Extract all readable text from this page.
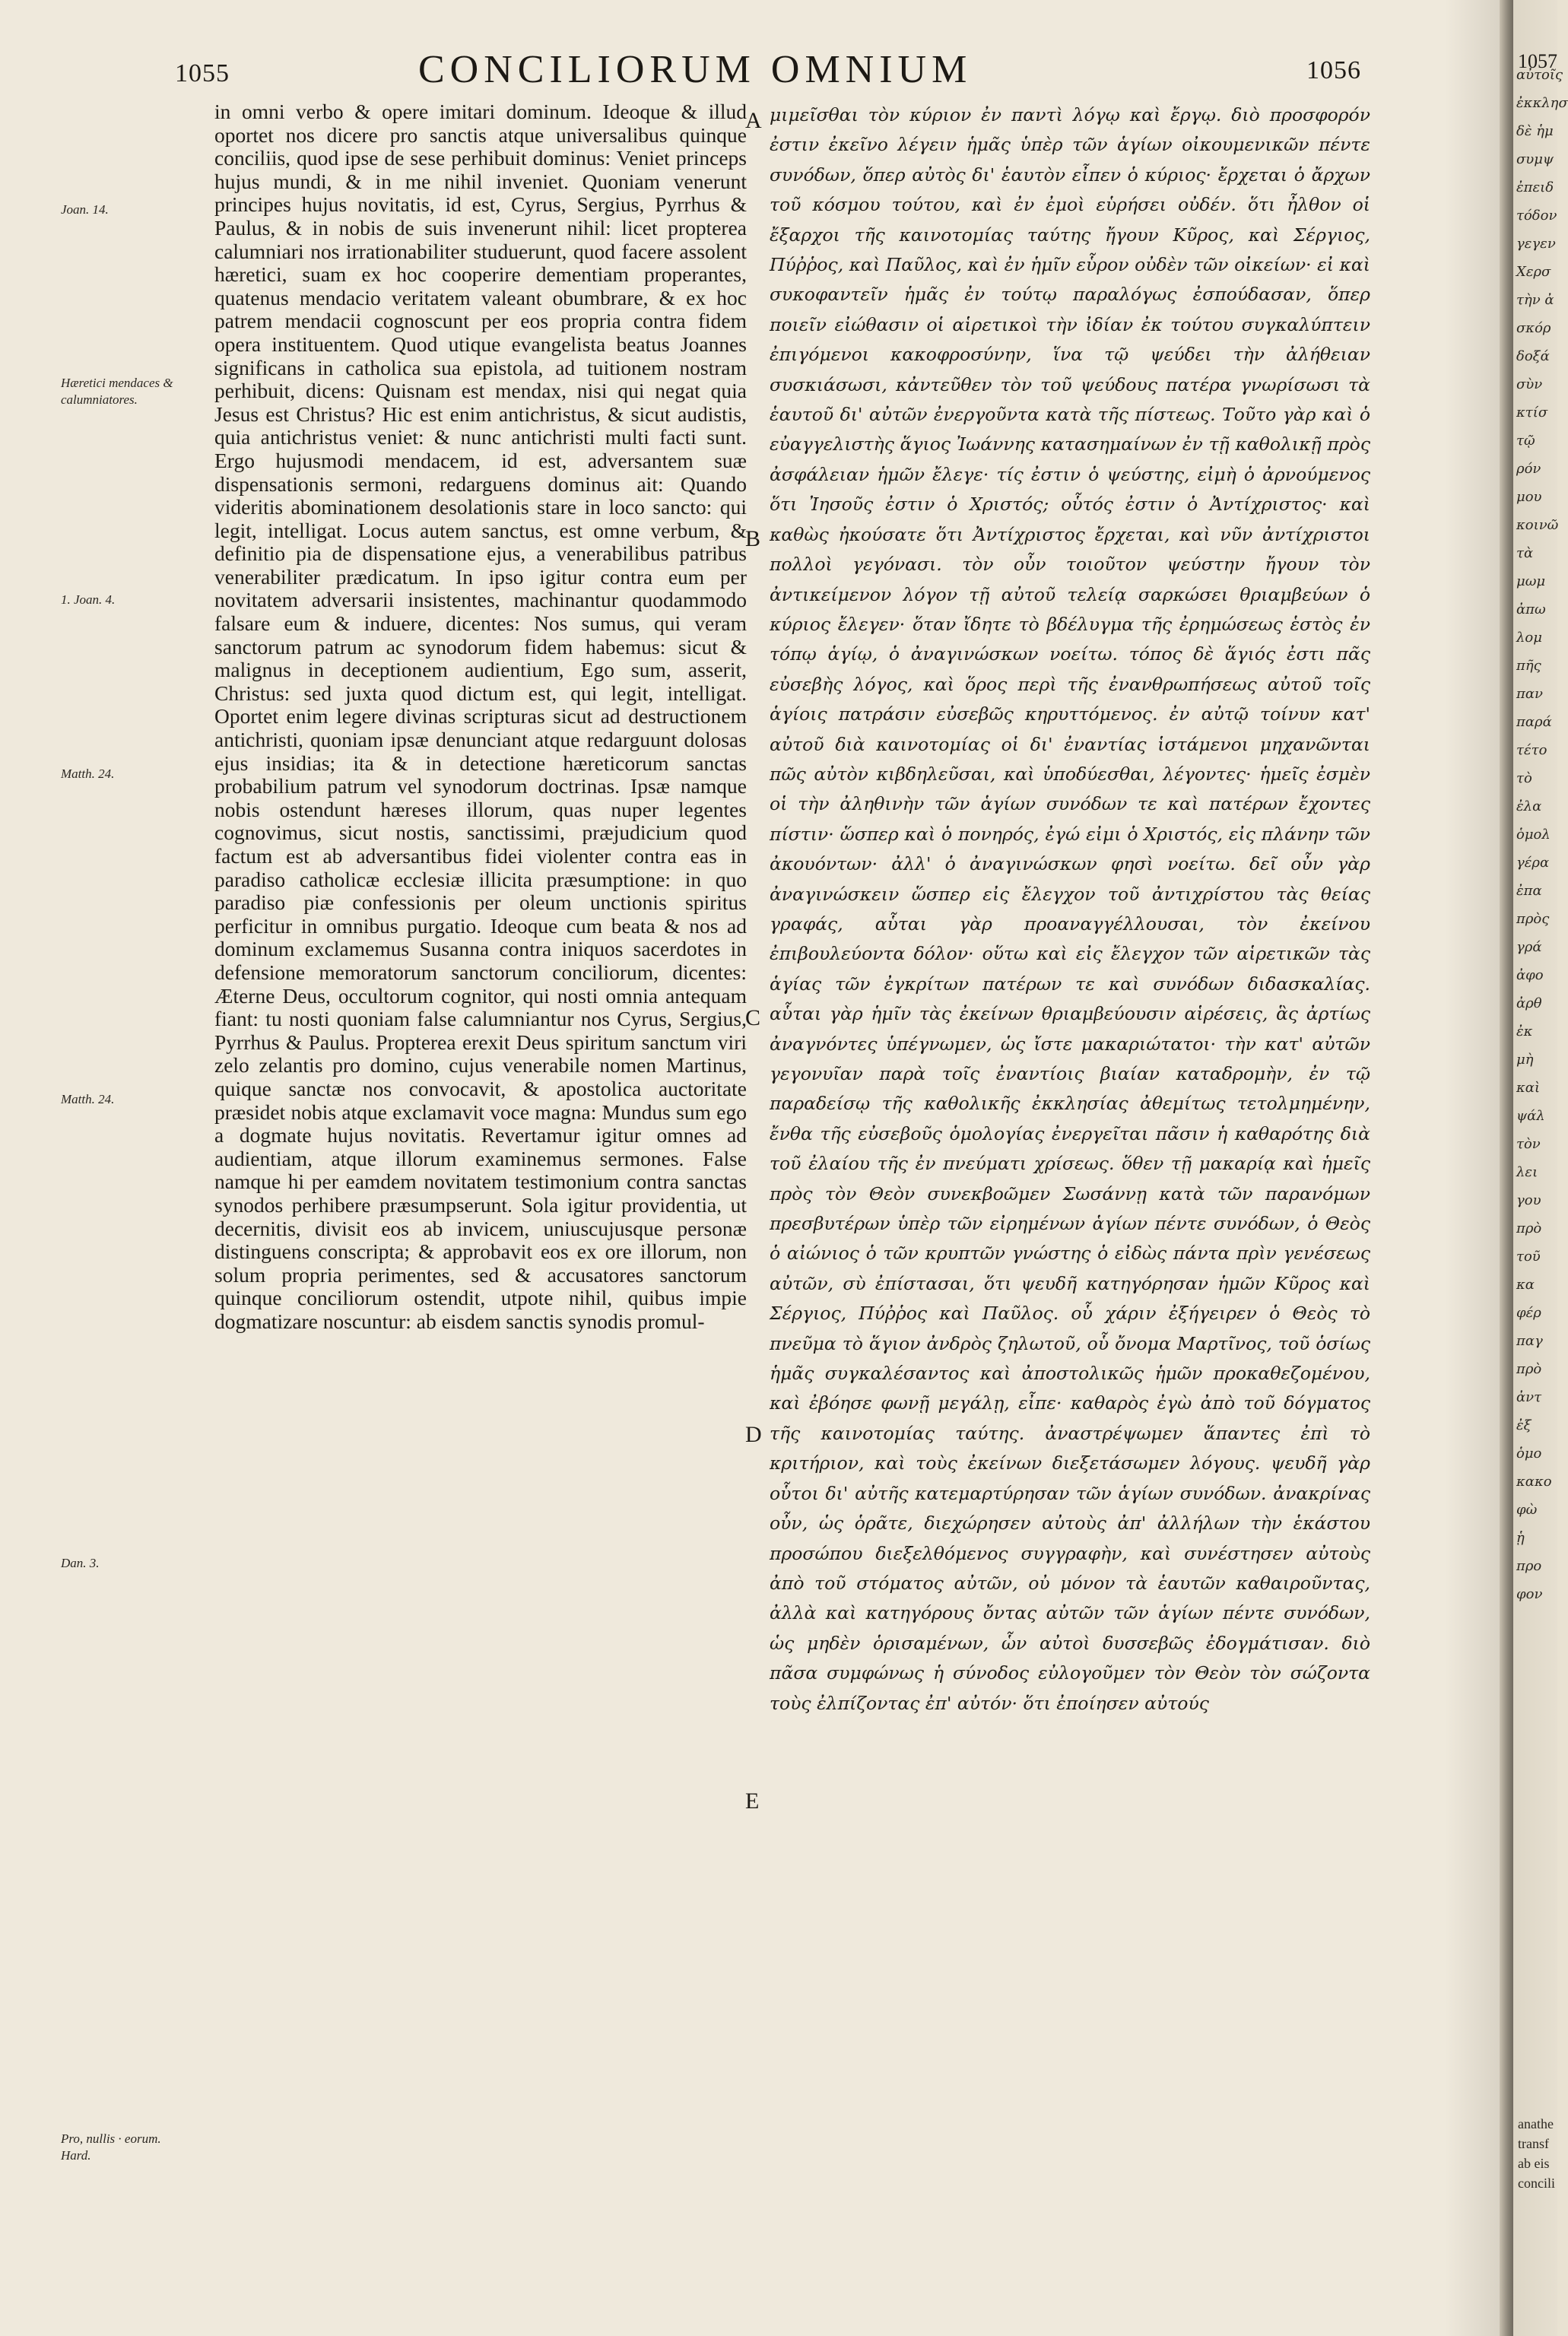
1055	CONCILIORUM OMNIUM	1056
Joan. 14.
Hæretici mendaces & calumniatores.
1. Joan. 4.
Matth. 24.
Matth. 24.
Dan. 3.
Pro, nullis · eorum. Hard.

in omni verbo & opere imitari dominum. Ideoque & illud oportet nos dicere pro sanctis atque universalibus quinque conciliis, quod ipse de sese perhibuit dominus: Veniet princeps hujus mundi, & in me nihil inveniet. Quoniam venerunt principes hujus novitatis, id est, Cyrus, Sergius, Pyrrhus & Paulus, & in nobis de suis invenerunt nihil: licet propterea calumniari nos irrationabiliter studuerunt, quod facere assolent hæretici, suam ex hoc cooperire dementiam properantes, quatenus mendacio veritatem valeant obumbrare, & ex hoc patrem mendacii cognoscunt per eos propria contra fidem opera instituentem. Quod utique evangelista beatus Joannes significans in catholica sua epistola, ad tuitionem nostram perhibuit, dicens: Quisnam est mendax, nisi qui negat quia Jesus est Christus? Hic est enim antichristus, & sicut audistis, quia antichristus veniet: & nunc antichristi multi facti sunt. Ergo hujusmodi mendacem, id est, adversantem suæ dispensationis sermoni, redarguens dominus ait: Quando videritis abominationem desolationis stare in loco sancto: qui legit, intelligat. Locus autem sanctus, est omne verbum, & definitio pia de dispensatione ejus, a venerabilibus patribus venerabiliter prædicatum. In ipso igitur contra eum per novitatem adversarii insistentes, machinantur quodammodo falsare eum & induere, dicentes: Nos sumus, qui veram sanctorum patrum ac synodorum fidem habemus: sicut & malignus in deceptionem audientium, Ego sum, asserit, Christus: sed juxta quod dictum est, qui legit, intelligat. Oportet enim legere divinas scripturas sicut ad destructionem antichristi, quoniam ipsæ denunciant atque redarguunt dolosas ejus insidias; ita & in detectione hæreticorum sanctas probabilium patrum vel synodorum doctrinas. Ipsæ namque nobis ostendunt hæreses illorum, quas nuper legentes cognovimus, sicut nostis, sanctissimi, præjudicium quod factum est ab adversantibus fidei violenter contra eas in paradiso catholicæ ecclesiæ illicita præsumptione: in quo paradiso piæ confessionis per oleum unctionis spiritus perficitur in omnibus purgatio. Ideoque cum beata & nos ad dominum exclamemus Susanna contra iniquos sacerdotes in defensione memoratorum sanctorum conciliorum, dicentes: Æterne Deus, occultorum cognitor, qui nosti omnia antequam fiant: tu nosti quoniam false calumniantur nos Cyrus, Sergius, Pyrrhus & Paulus. Propterea erexit Deus spiritum sanctum viri zelo zelantis pro domino, cujus venerabile nomen Martinus, quique sanctæ nos convocavit, & apostolica auctoritate præsidet nobis atque exclamavit voce magna: Mundus sum ego a dogmate hujus novitatis. Revertamur igitur omnes ad audientiam, atque illorum examinemus sermones. False namque hi per eamdem novitatem testimonium contra sanctas synodos perhibere præsumpserunt. Sola igitur providentia, ut decernitis, divisit eos ab invicem, uniuscujusque personæ distinguens conscripta; & approbavit eos ex ore illorum, non solum propria perimentes, sed & accusatores sanctorum quinque conciliorum ostendit, utpote nihil, quibus impie dogmatizare noscuntur: ab eisdem sanctis synodis promul-

A
B
C
D
E

μιμεῖσθαι τὸν κύριον ἐν παντὶ λόγῳ καὶ ἔργῳ. διὸ προσφορόν ἐστιν ἐκεῖνο λέγειν ἡμᾶς ὑπὲρ τῶν ἁγίων οἰκουμενικῶν πέντε συνόδων, ὅπερ αὐτὸς δι' ἑαυτὸν εἶπεν ὁ κύριος· ἔρχεται ὁ ἄρχων τοῦ κόσμου τούτου, καὶ ἐν ἐμοὶ εὑρήσει οὐδέν. ὅτι ἦλθον οἱ ἔξαρχοι τῆς καινοτομίας ταύτης ἤγουν Κῦρος, καὶ Σέργιος, Πύῤῥος, καὶ Παῦλος, καὶ ἐν ἡμῖν εὗρον οὐδὲν τῶν οἰκείων· εἰ καὶ συκοφαντεῖν ἡμᾶς ἐν τούτῳ παραλόγως ἐσπούδασαν, ὅπερ ποιεῖν εἰώθασιν οἱ αἱρετικοὶ τὴν ἰδίαν ἐκ τούτου συγκαλύπτειν ἐπιγόμενοι κακοφροσύνην, ἵνα τῷ ψεύδει τὴν ἀλήθειαν συσκιάσωσι, κἀντεῦθεν τὸν τοῦ ψεύδους πατέρα γνωρίσωσι τὰ ἑαυτοῦ δι' αὐτῶν ἐνεργοῦντα κατὰ τῆς πίστεως. Τοῦτο γὰρ καὶ ὁ εὐαγγελιστὴς ἅγιος Ἰωάννης κατασημαίνων ἐν τῇ καθολικῇ πρὸς ἀσφάλειαν ἡμῶν ἔλεγε· τίς ἐστιν ὁ ψεύστης, εἰμὴ ὁ ἀρνούμενος ὅτι Ἰησοῦς ἐστιν ὁ Χριστός; οὗτός ἐστιν ὁ Ἀντίχριστος· καὶ καθὼς ἠκούσατε ὅτι Ἀντίχριστος ἔρχεται, καὶ νῦν ἀντίχριστοι πολλοὶ γεγόνασι. τὸν οὖν τοιοῦτον ψεύστην ἤγουν τὸν ἀντικείμενον λόγον τῇ αὐτοῦ τελείᾳ σαρκώσει θριαμβεύων ὁ κύριος ἔλεγεν· ὅταν ἴδητε τὸ βδέλυγμα τῆς ἐρημώσεως ἑστὸς ἐν τόπῳ ἁγίῳ, ὁ ἀναγινώσκων νοείτω. τόπος δὲ ἅγιός ἐστι πᾶς εὐσεβὴς λόγος, καὶ ὅρος περὶ τῆς ἐνανθρωπήσεως αὐτοῦ τοῖς ἁγίοις πατράσιν εὐσεβῶς κηρυττόμενος. ἐν αὐτῷ τοίνυν κατ' αὐτοῦ διὰ καινοτομίας οἱ δι' ἐναντίας ἱστάμενοι μηχανῶνται πῶς αὐτὸν κιβδηλεῦσαι, καὶ ὑποδύεσθαι, λέγοντες· ἡμεῖς ἐσμὲν οἱ τὴν ἀληθινὴν τῶν ἁγίων συνόδων τε καὶ πατέρων ἔχοντες πίστιν· ὥσπερ καὶ ὁ πονηρός, ἐγώ εἰμι ὁ Χριστός, εἰς πλάνην τῶν ἀκουόντων· ἀλλ' ὁ ἀναγινώσκων φησὶ νοείτω. δεῖ οὖν γὰρ ἀναγινώσκειν ὥσπερ εἰς ἔλεγχον τοῦ ἀντιχρίστου τὰς θείας γραφάς, αὗται γὰρ προαναγγέλλουσαι, τὸν ἐκείνου ἐπιβουλεύοντα δόλον· οὕτω καὶ εἰς ἔλεγχον τῶν αἱρετικῶν τὰς ἁγίας τῶν ἐγκρίτων πατέρων τε καὶ συνόδων διδασκαλίας. αὗται γὰρ ἡμῖν τὰς ἐκείνων θριαμβεύουσιν αἱρέσεις, ἃς ἀρτίως ἀναγνόντες ὑπέγνωμεν, ὡς ἴστε μακαριώτατοι· τὴν κατ' αὐτῶν γεγονυῖαν παρὰ τοῖς ἐναντίοις βιαίαν καταδρομὴν, ἐν τῷ παραδείσῳ τῆς καθολικῆς ἐκκλησίας ἀθεμίτως τετολμημένην, ἔνθα τῆς εὐσεβοῦς ὁμολογίας ἐνεργεῖται πᾶσιν ἡ καθαρότης διὰ τοῦ ἐλαίου τῆς ἐν πνεύματι χρίσεως. ὅθεν τῇ μακαρίᾳ καὶ ἡμεῖς πρὸς τὸν Θεὸν συνεκβοῶμεν Σωσάννῃ κατὰ τῶν παρανόμων πρεσβυτέρων ὑπὲρ τῶν εἰρημένων ἁγίων πέντε συνόδων, ὁ Θεὸς ὁ αἰώνιος ὁ τῶν κρυπτῶν γνώστης ὁ εἰδὼς πάντα πρὶν γενέσεως αὐτῶν, σὺ ἐπίστασαι, ὅτι ψευδῆ κατηγόρησαν ἡμῶν Κῦρος καὶ Σέργιος, Πύῤῥος καὶ Παῦλος. οὗ χάριν ἐξήγειρεν ὁ Θεὸς τὸ πνεῦμα τὸ ἅγιον ἀνδρὸς ζηλωτοῦ, οὗ ὄνομα Μαρτῖνος, τοῦ ὁσίως ἡμᾶς συγκαλέσαντος καὶ ἀποστολικῶς ἡμῶν προκαθεζομένου, καὶ ἐβόησε φωνῇ μεγάλῃ, εἶπε· καθαρὸς ἐγὼ ἀπὸ τοῦ δόγματος τῆς καινοτομίας ταύτης. ἀναστρέψωμεν ἅπαντες ἐπὶ τὸ κριτήριον, καὶ τοὺς ἐκείνων διεξετάσωμεν λόγους. ψευδῆ γὰρ οὗτοι δι' αὐτῆς κατεμαρτύρησαν τῶν ἁγίων συνόδων. ἀνακρίνας οὖν, ὡς ὁρᾶτε, διεχώρησεν αὐτοὺς ἀπ' ἀλλήλων τὴν ἑκάστου προσώπου διεξελθόμενος συγγραφὴν, καὶ συνέστησεν αὐτοὺς ἀπὸ τοῦ στόματος αὐτῶν, οὐ μόνον τὰ ἑαυτῶν καθαιροῦντας, ἀλλὰ καὶ κατηγόρους ὄντας αὐτῶν τῶν ἁγίων πέντε συνόδων, ὡς μηδὲν ὁρισαμένων, ὧν αὐτοὶ δυσσεβῶς ἐδογμάτισαν. διὸ πᾶσα συμφώνως ἡ σύνοδος εὐλογοῦμεν τὸν Θεὸν τὸν σώζοντα τοὺς ἐλπίζοντας ἐπ' αὐτόν· ὅτι ἐποίησεν αὐτούς

1057
αὐτοῖς
ἐκκλησ
δὲ ἡμ
συμψ
ἐπειδ
τόδον
γεγεν
Χερσ
τὴν ἀ
σκόρ
δοξά
σὺν
κτίσ
τῷ
ρόν
μου
κοινῶ
τὰ
μωμ
ἀπω
λομ
πῆς
παν
παρά
τέτο
τὸ
ἐλα
ὁμολ
γέρα
ἐπα
πρὸς
γρά
ἀφο
ἀρθ
ἐκ
μὴ
καὶ
ψάλ
τὸν
λει
γου
πρὸ
τοῦ
κα
φέρ
παγ
πρὸ
ἀντ
ἐξ
ὁμο
κακο
φὼ
ᾑ
προ
φον
anathe
transf
ab eis
concili
